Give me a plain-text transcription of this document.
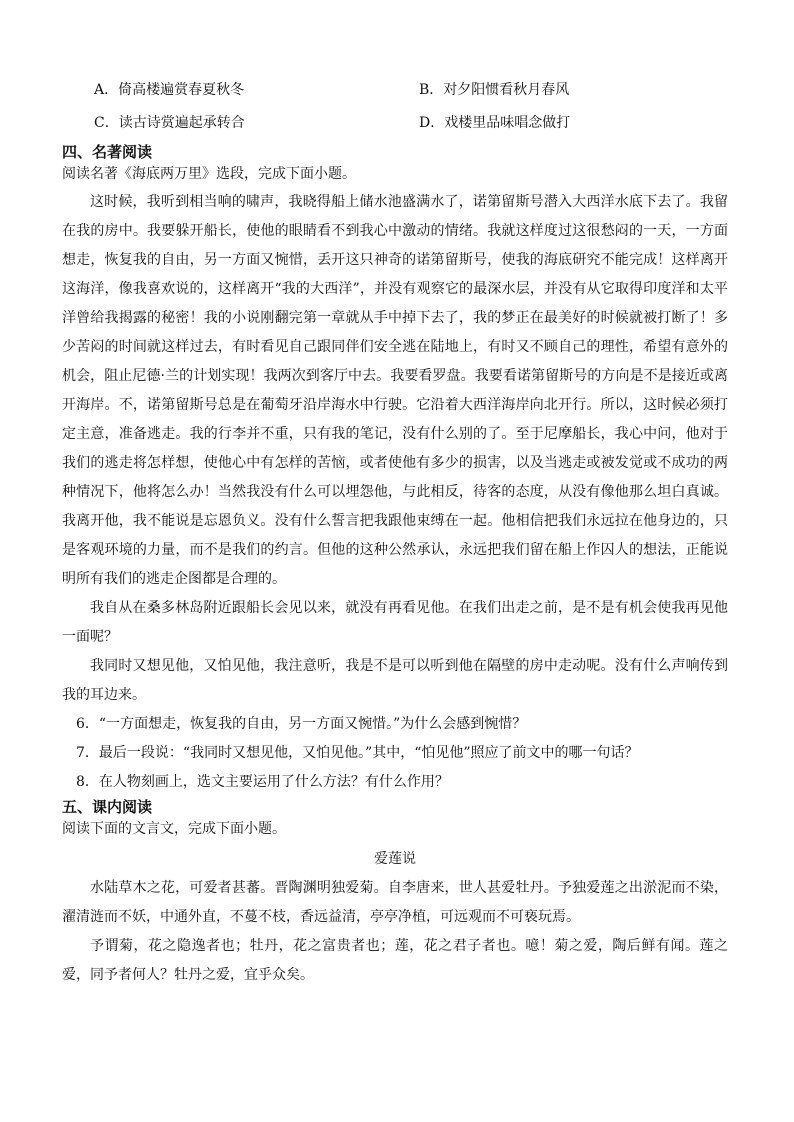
A．倚高楼遍赏春夏秋冬	B．对夕阳惯看秋月春风
C．读古诗赏遍起承转合	D．戏楼里品味唱念做打
四、名著阅读
阅读名著《海底两万里》选段，完成下面小题。

这时候，我听到相当响的啸声，我晓得船上储水池盛满水了，诺第留斯号潜入大西洋水底下去了。我留在我的房中。我要躲开船长，使他的眼睛看不到我心中激动的情绪。我就这样度过这很愁闷的一天，一方面想走，恢复我的自由，另一方面又惋惜，丢开这只神奇的诺第留斯号，使我的海底研究不能完成！这样离开这海洋，像我喜欢说的，这样离开“我的大西洋”，并没有观察它的最深水层，并没有从它取得印度洋和太平洋曾给我揭露的秘密！我的小说刚翻完第一章就从手中掉下去了，我的梦正在最美好的时候就被打断了！多少苦闷的时间就这样过去，有时看见自己跟同伴们安全逃在陆地上，有时又不顾自己的理性，希望有意外的机会，阻止尼德·兰的计划实现！我两次到客厅中去。我要看罗盘。我要看诺第留斯号的方向是不是接近或离开海岸。不，诺第留斯号总是在葡萄牙沿岸海水中行驶。它沿着大西洋海岸向北开行。所以，这时候必须打定主意，准备逃走。我的行李并不重，只有我的笔记，没有什么别的了。至于尼摩船长，我心中问，他对于我们的逃走将怎样想，使他心中有怎样的苦恼，或者使他有多少的损害，以及当逃走或被发觉或不成功的两种情况下，他将怎么办！当然我没有什么可以埋怨他，与此相反，待客的态度，从没有像他那么坦白真诚。我离开他，我不能说是忘恩负义。没有什么誓言把我跟他束缚在一起。他相信把我们永远拉在他身边的，只是客观环境的力量，而不是我们的约言。但他的这种公然承认，永远把我们留在船上作囚人的想法，正能说明所有我们的逃走企图都是合理的。

我自从在桑多林岛附近跟船长会见以来，就没有再看见他。在我们出走之前，是不是有机会使我再见他一面呢？

我同时又想见他，又怕见他，我注意听，我是不是可以听到他在隔壁的房中走动呢。没有什么声响传到我的耳边来。

6．“一方面想走，恢复我的自由，另一方面又惋惜。”为什么会感到惋惜？

7．最后一段说：“我同时又想见他，又怕见他。”其中，“怕见他”照应了前文中的哪一句话？

8．在人物刻画上，选文主要运用了什么方法？有什么作用？

五、课内阅读
阅读下面的文言文，完成下面小题。
爱莲说

水陆草木之花，可爱者甚蕃。晋陶渊明独爱菊。自李唐来，世人甚爱牡丹。予独爱莲之出淤泥而不染，濯清涟而不妖，中通外直，不蔓不枝，香远益清，亭亭净植，可远观而不可亵玩焉。

予谓菊，花之隐逸者也；牡丹，花之富贵者也；莲，花之君子者也。噫！菊之爱，陶后鲜有闻。莲之爱，同予者何人？牡丹之爱，宜乎众矣。
